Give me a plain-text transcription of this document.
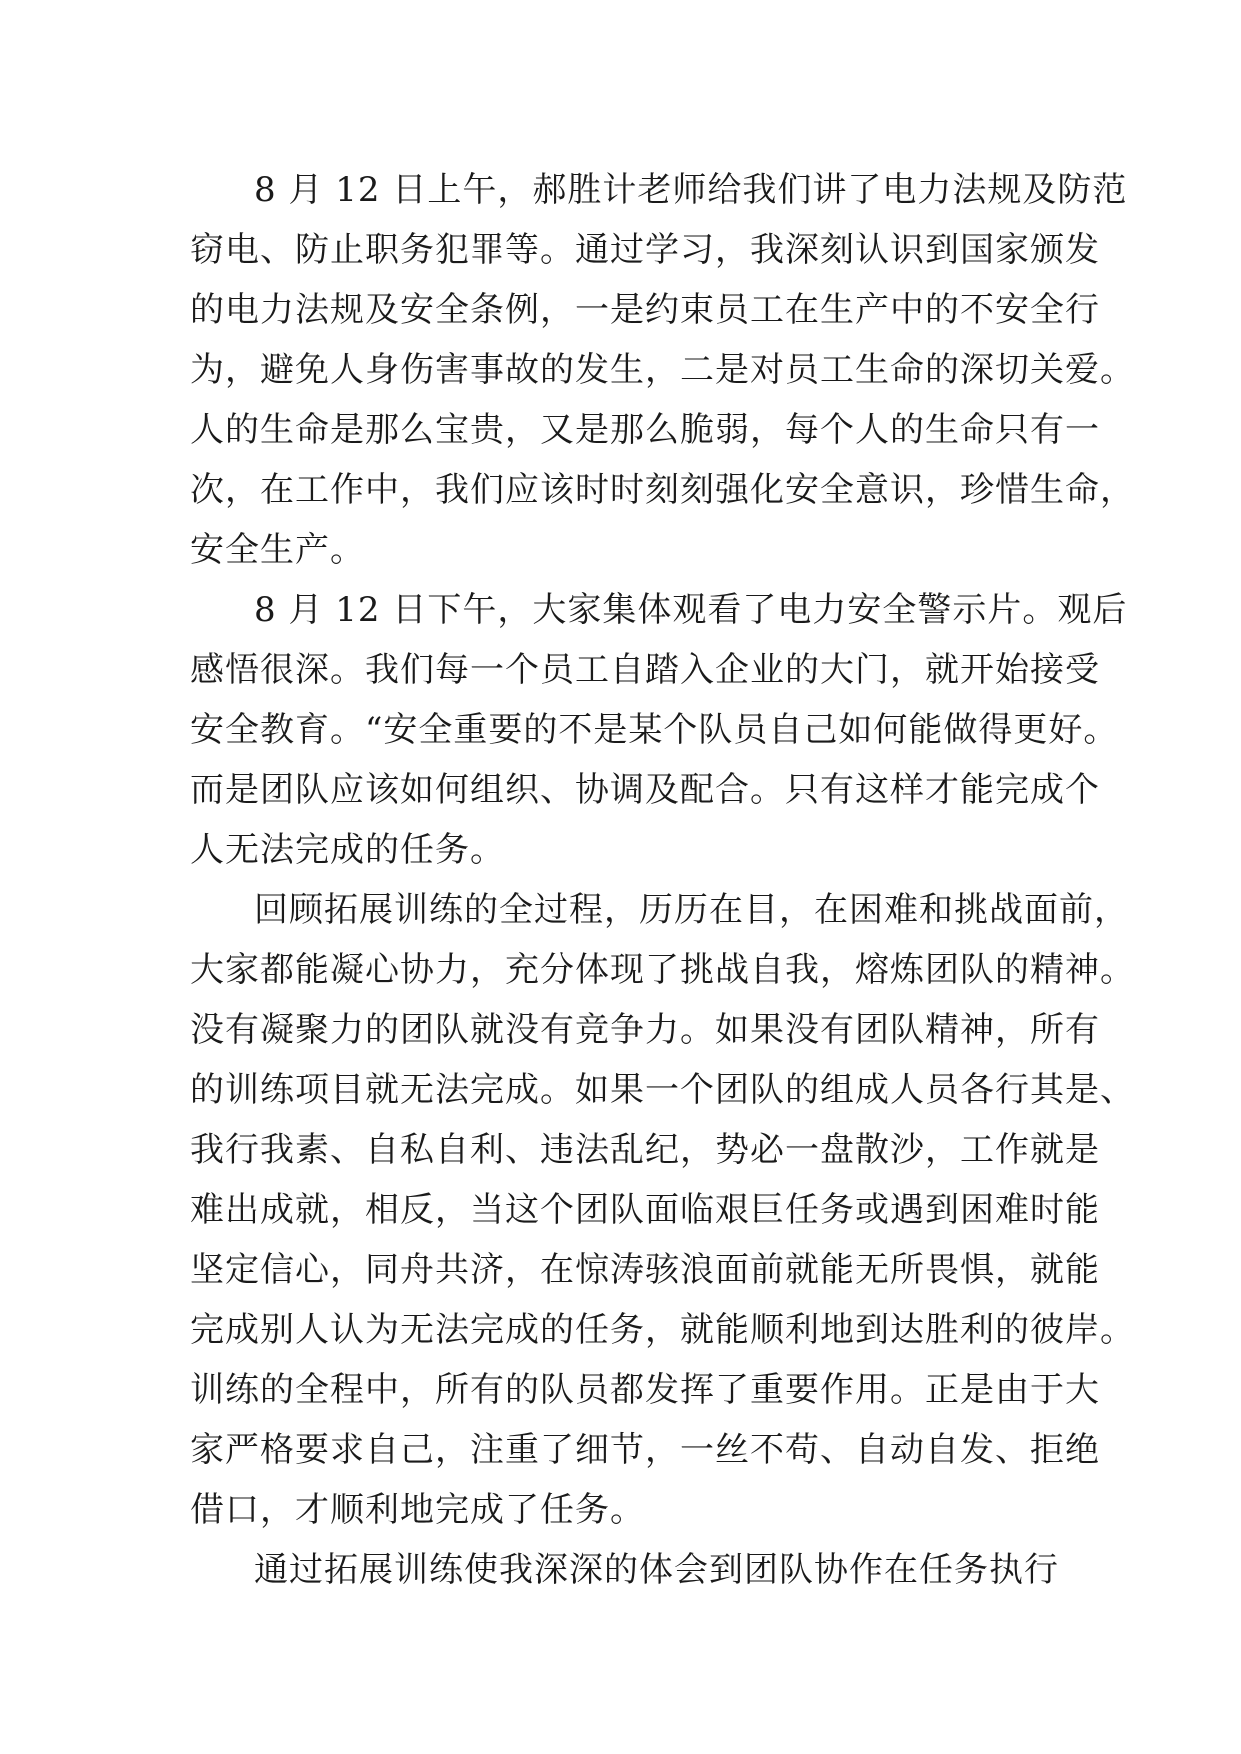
8 月 12 日上午，郝胜计老师给我们讲了电力法规及防范
窃电、防止职务犯罪等。通过学习，我深刻认识到国家颁发
的电力法规及安全条例，一是约束员工在生产中的不安全行
为，避免人身伤害事故的发生，二是对员工生命的深切关爱。
人的生命是那么宝贵，又是那么脆弱，每个人的生命只有一
次，在工作中，我们应该时时刻刻强化安全意识，珍惜生命，
安全生产。
8 月 12 日下午，大家集体观看了电力安全警示片。观后
感悟很深。我们每一个员工自踏入企业的大门，就开始接受
安全教育。“安全重要的不是某个队员自己如何能做得更好。
而是团队应该如何组织、协调及配合。只有这样才能完成个
人无法完成的任务。
回顾拓展训练的全过程，历历在目，在困难和挑战面前，
大家都能凝心协力，充分体现了挑战自我，熔炼团队的精神。
没有凝聚力的团队就没有竞争力。如果没有团队精神，所有
的训练项目就无法完成。如果一个团队的组成人员各行其是、
我行我素、自私自利、违法乱纪，势必一盘散沙，工作就是
难出成就，相反，当这个团队面临艰巨任务或遇到困难时能
坚定信心，同舟共济，在惊涛骇浪面前就能无所畏惧，就能
完成别人认为无法完成的任务，就能顺利地到达胜利的彼岸。
训练的全程中，所有的队员都发挥了重要作用。正是由于大
家严格要求自己，注重了细节，一丝不苟、自动自发、拒绝
借口，才顺利地完成了任务。
通过拓展训练使我深深的体会到团队协作在任务执行
